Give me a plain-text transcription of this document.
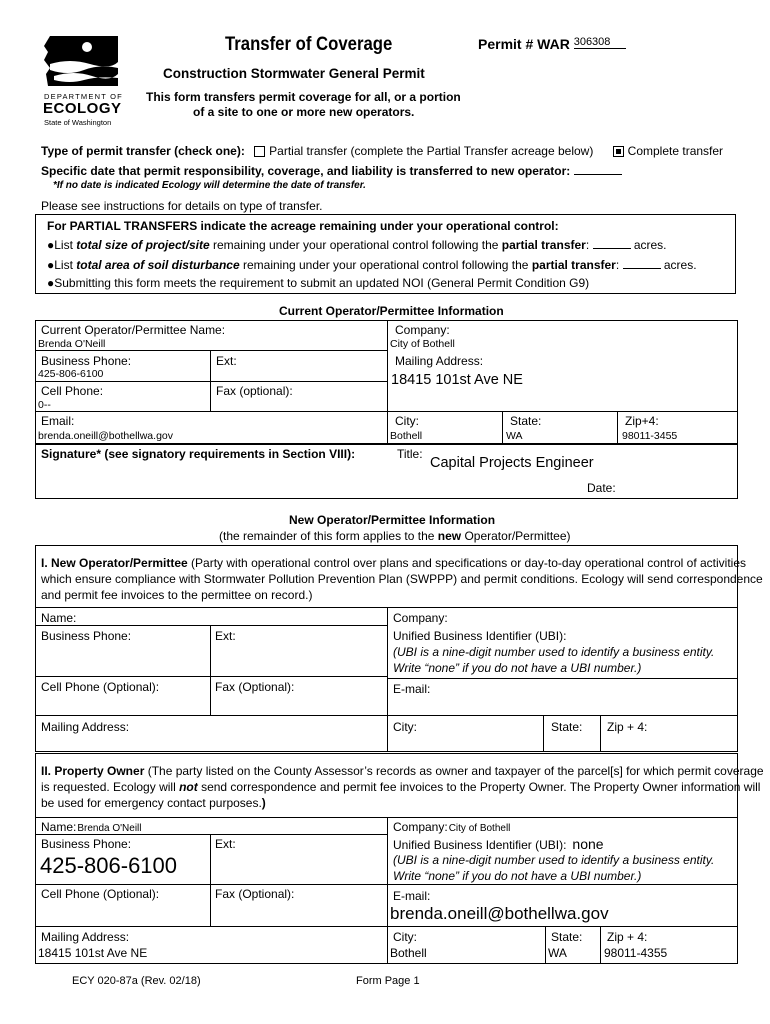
DEPARTMENT OF
ECOLOGY
State of Washington
Transfer of Coverage	Permit # WAR 306308
Construction Stormwater General Permit
This form transfers permit coverage for all, or a portion
of a site to one or more new operators.
Type of permit transfer (check one): Partial transfer (complete the Partial Transfer acreage below)	Complete transfer
Specific date that permit responsibility, coverage, and liability is transferred to new operator:
*If no date is indicated Ecology will determine the date of transfer.
Please see instructions for details on type of transfer.
For PARTIAL TRANSFERS indicate the acreage remaining under your operational control:
●List total size of project/site remaining under your operational control following the partial transfer:	acres.
●List total area of soil disturbance remaining under your operational control following the partial transfer:	acres.
●Submitting this form meets the requirement to submit an updated NOI (General Permit Condition G9)
Current Operator/Permittee Information
Current Operator/Permittee Name:
Brenda O'Neill
Company:
City of Bothell
Business Phone:
425-806-6100
Ext:	Mailing Address:
18415 101st Ave NE
Cell Phone:
0--
Fax (optional):
Email:
brenda.oneill@bothellwa.gov
City:
Bothell
State:
WA
Zip+4:
98011-3455
Signature* (see signatory requirements in Section VIII):	Title:
Capital Projects Engineer
Date:
New Operator/Permittee Information
(the remainder of this form applies to the new Operator/Permittee)
I. New Operator/Permittee (Party with operational control over plans and specifications or day-to-day operational control of activities
which ensure compliance with Stormwater Pollution Prevention Plan (SWPPP) and permit conditions. Ecology will send correspondence
and permit fee invoices to the permittee on record.)
Name:	Company:
Business Phone:	Ext:	Unified Business Identifier (UBI):
(UBI is a nine-digit number used to identify a business entity.
Write “none” if you do not have a UBI number.)
Cell Phone (Optional):	Fax (Optional):	E-mail:
Mailing Address:	City:	State: Zip + 4:
II. Property Owner (The party listed on the County Assessor’s records as owner and taxpayer of the parcel[s] for which permit coverage
is requested. Ecology will not send correspondence and permit fee invoices to the Property Owner. The Property Owner information will
be used for emergency contact purposes.)
Name:Brenda O'Neill	Company:City of Bothell
Business Phone:
425-806-6100
Ext:	Unified Business Identifier (UBI): none
(UBI is a nine-digit number used to identify a business entity.
Write “none” if you do not have a UBI number.)
Cell Phone (Optional):	Fax (Optional):	E-mail:
brenda.oneill@bothellwa.gov
Mailing Address:
18415 101st Ave NE
City:
Bothell
State:
WA
Zip + 4:
98011-4355
ECY 020-87a (Rev. 02/18)	Form Page 1
